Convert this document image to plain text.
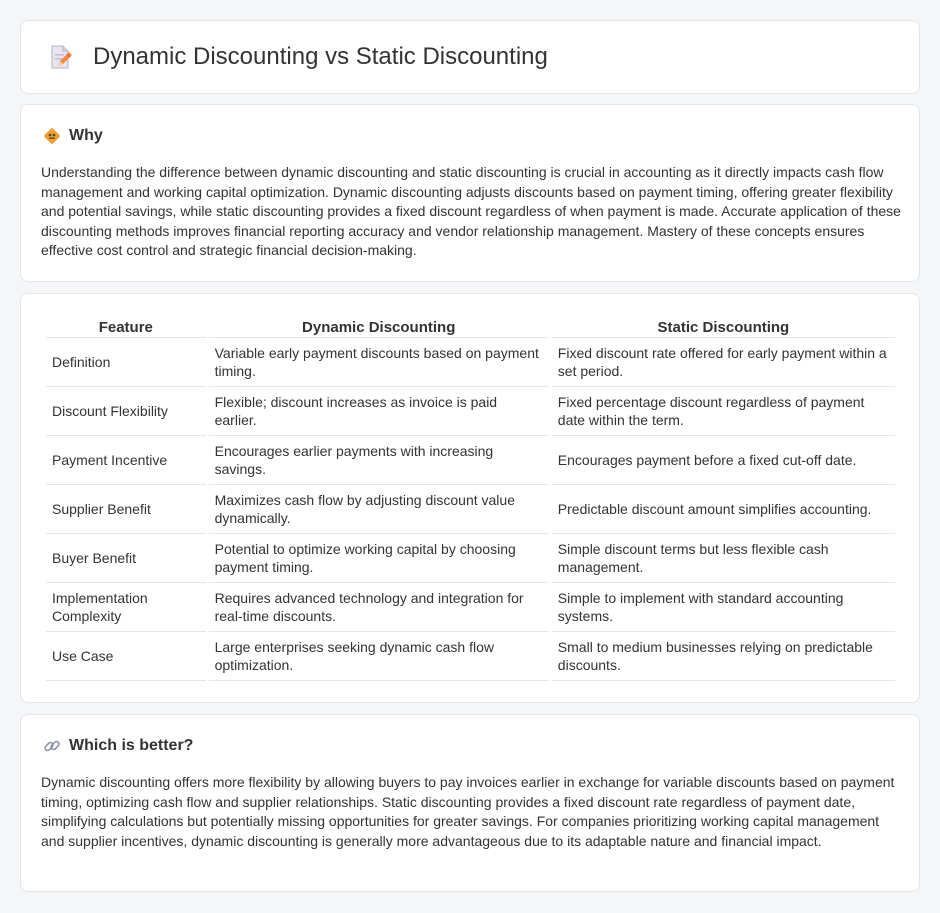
Dynamic Discounting vs Static Discounting
Why

Understanding the difference between dynamic discounting and static discounting is crucial in accounting as it directly impacts cash flow management and working capital optimization. Dynamic discounting adjusts discounts based on payment timing, offering greater flexibility and potential savings, while static discounting provides a fixed discount regardless of when payment is made. Accurate application of these discounting methods improves financial reporting accuracy and vendor relationship management. Mastery of these concepts ensures effective cost control and strategic financial decision-making.

Feature	Dynamic Discounting	Static Discounting
Definition	Variable early payment discounts based on payment timing.	Fixed discount rate offered for early payment within a set period.
Discount Flexibility	Flexible; discount increases as invoice is paid earlier.	Fixed percentage discount regardless of payment date within the term.
Payment Incentive	Encourages earlier payments with increasing savings.	Encourages payment before a fixed cut-off date.
Supplier Benefit	Maximizes cash flow by adjusting discount value dynamically.	Predictable discount amount simplifies accounting.
Buyer Benefit	Potential to optimize working capital by choosing payment timing.	Simple discount terms but less flexible cash management.
Implementation Complexity	Requires advanced technology and integration for real-time discounts.	Simple to implement with standard accounting systems.
Use Case	Large enterprises seeking dynamic cash flow optimization.	Small to medium businesses relying on predictable discounts.
Which is better?

Dynamic discounting offers more flexibility by allowing buyers to pay invoices earlier in exchange for variable discounts based on payment timing, optimizing cash flow and supplier relationships. Static discounting provides a fixed discount rate regardless of payment date, simplifying calculations but potentially missing opportunities for greater savings. For companies prioritizing working capital management and supplier incentives, dynamic discounting is generally more advantageous due to its adaptable nature and financial impact.
